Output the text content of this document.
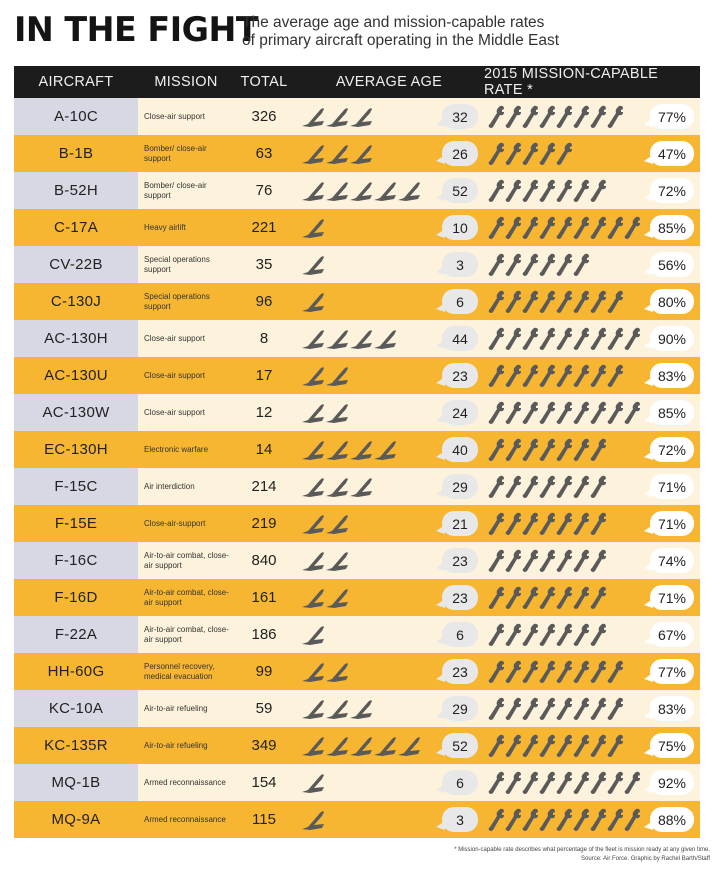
IN THE FIGHT
The average age and mission-capable rates
of primary aircraft operating in the Middle East
AIRCRAFT	MISSION	TOTAL	AVERAGE AGE	2015 MISSION-CAPABLE RATE *
A-10C	Close-air support	326	32	77%
B-1B	Bomber/ close-air support	63	26	47%
B-52H	Bomber/ close-air support	76	52	72%
C-17A	Heavy airlift	221	10	85%
CV-22B	Special operations support	35	3	56%
C-130J	Special operations support	96	6	80%
AC-130H	Close-air support	8	44	90%
AC-130U	Close-air support	17	23	83%
AC-130W	Close-air support	12	24	85%
EC-130H	Electronic warfare	14	40	72%
F-15C	Air interdiction	214	29	71%
F-15E	Close-air-support	219	21	71%
F-16C	Air-to-air combat, close-air support	840	23	74%
F-16D	Air-to-air combat, close-air support	161	23	71%
F-22A	Air-to-air combat, close-air support	186	6	67%
HH-60G	Personnel recovery, medical evacuation	99	23	77%
KC-10A	Air-to-air refueling	59	29	83%
KC-135R	Air-to-air refueling	349	52	75%
MQ-1B	Armed reconnaissance	154	6	92%
MQ-9A	Armed reconnaissance	115	3	88%
* Mission-capable rate describes what percentage of the fleet is mission ready at any given time.
Source: Air Force. Graphic by Rachel Barth/Staff
